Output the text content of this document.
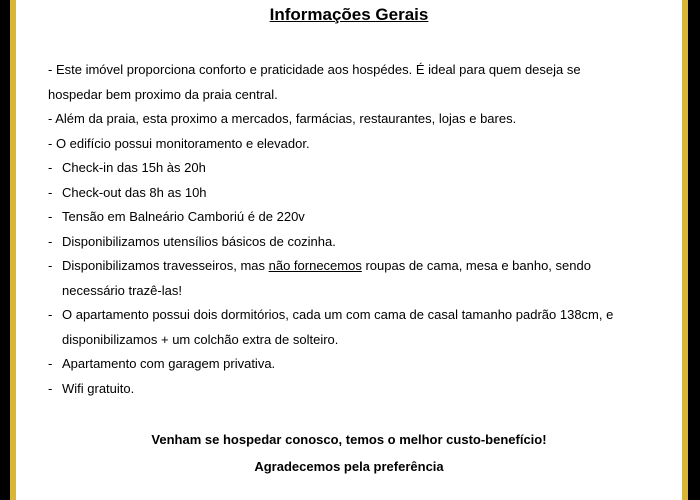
Informações Gerais
- Este imóvel proporciona conforto e praticidade aos hospédes. É ideal para quem deseja se
hospedar bem proximo da praia central.
- Além da praia, esta proximo a mercados, farmácias, restaurantes, lojas e bares.
- O edifício possui monitoramento e elevador.
- Check-in das 15h às 20h
- Check-out das 8h as 10h
- Tensão em Balneário Camboriú é de 220v
- Disponibilizamos utensílios básicos de cozinha.
- Disponibilizamos travesseiros, mas não fornecemos roupas de cama, mesa e banho, sendo
necessário trazê-las!
- O apartamento possui dois dormitórios, cada um com cama de casal tamanho padrão 138cm, e
disponibilizamos + um colchão extra de solteiro.
- Apartamento com garagem privativa.
- Wifi gratuito.
Venham se hospedar conosco, temos o melhor custo-benefício!
Agradecemos pela preferência
